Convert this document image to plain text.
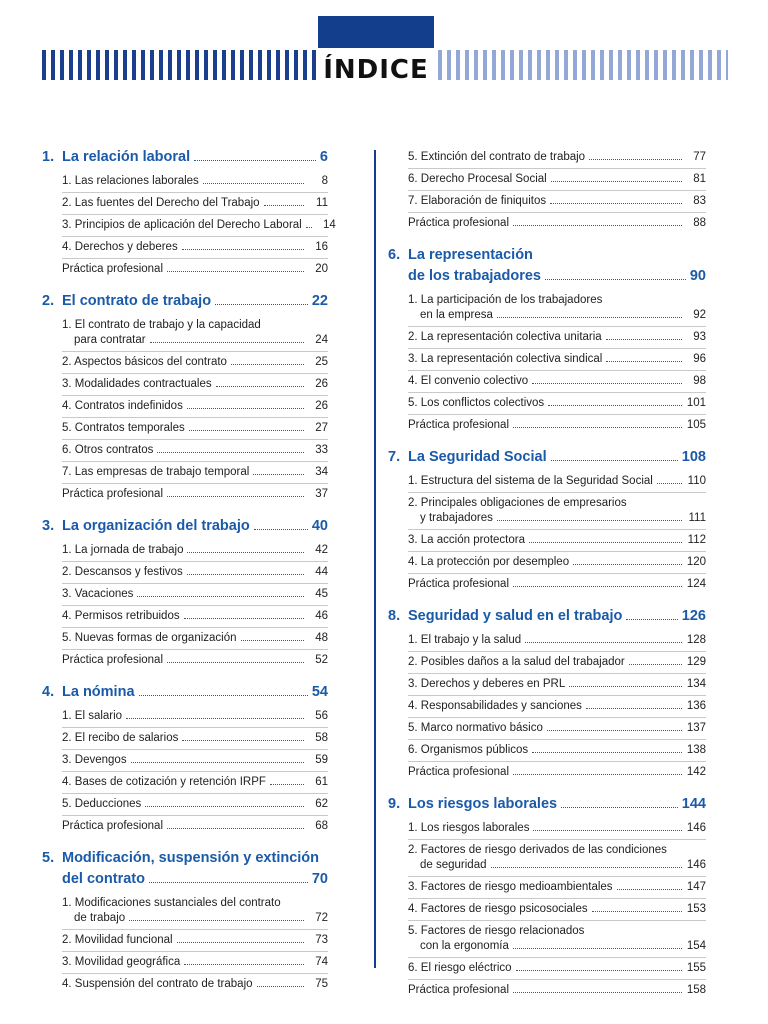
ÍNDICE
1. La relación laboral	6
1. Las relaciones laborales	8
2. Las fuentes del Derecho del Trabajo	11
3. Principios de aplicación del Derecho Laboral	14
4. Derechos y deberes	16
Práctica profesional	20
2. El contrato de trabajo	22
1. El contrato de trabajo y la capacidad
para contratar	24
2. Aspectos básicos del contrato	25
3. Modalidades contractuales	26
4. Contratos indefinidos	26
5. Contratos temporales	27
6. Otros contratos	33
7. Las empresas de trabajo temporal	34
Práctica profesional	37
3. La organización del trabajo	40
1. La jornada de trabajo	42
2. Descansos y festivos	44
3. Vacaciones	45
4. Permisos retribuidos	46
5. Nuevas formas de organización	48
Práctica profesional	52
4. La nómina	54
1. El salario	56
2. El recibo de salarios	58
3. Devengos	59
4. Bases de cotización y retención IRPF	61
5. Deducciones	62
Práctica profesional	68
5. Modificación, suspensión y extinción
del contrato	70
1. Modificaciones sustanciales del contrato
de trabajo	72
2. Movilidad funcional	73
3. Movilidad geográfica	74
4. Suspensión del contrato de trabajo	75
5. Extinción del contrato de trabajo	77
6. Derecho Procesal Social	81
7. Elaboración de finiquitos	83
Práctica profesional	88
6. La representación
de los trabajadores	90
1. La participación de los trabajadores
en la empresa	92
2. La representación colectiva unitaria	93
3. La representación colectiva sindical	96
4. El convenio colectivo	98
5. Los conflictos colectivos	101
Práctica profesional	105
7. La Seguridad Social	108
1. Estructura del sistema de la Seguridad Social	110
2. Principales obligaciones de empresarios
y trabajadores	111
3. La acción protectora	112
4. La protección por desempleo	120
Práctica profesional	124
8. Seguridad y salud en el trabajo	126
1. El trabajo y la salud	128
2. Posibles daños a la salud del trabajador	129
3. Derechos y deberes en PRL	134
4. Responsabilidades y sanciones	136
5. Marco normativo básico	137
6. Organismos públicos	138
Práctica profesional	142
9. Los riesgos laborales	144
1. Los riesgos laborales	146
2. Factores de riesgo derivados de las condiciones
de seguridad	146
3. Factores de riesgo medioambientales	147
4. Factores de riesgo psicosociales	153
5. Factores de riesgo relacionados
con la ergonomía	154
6. El riesgo eléctrico	155
Práctica profesional	158
